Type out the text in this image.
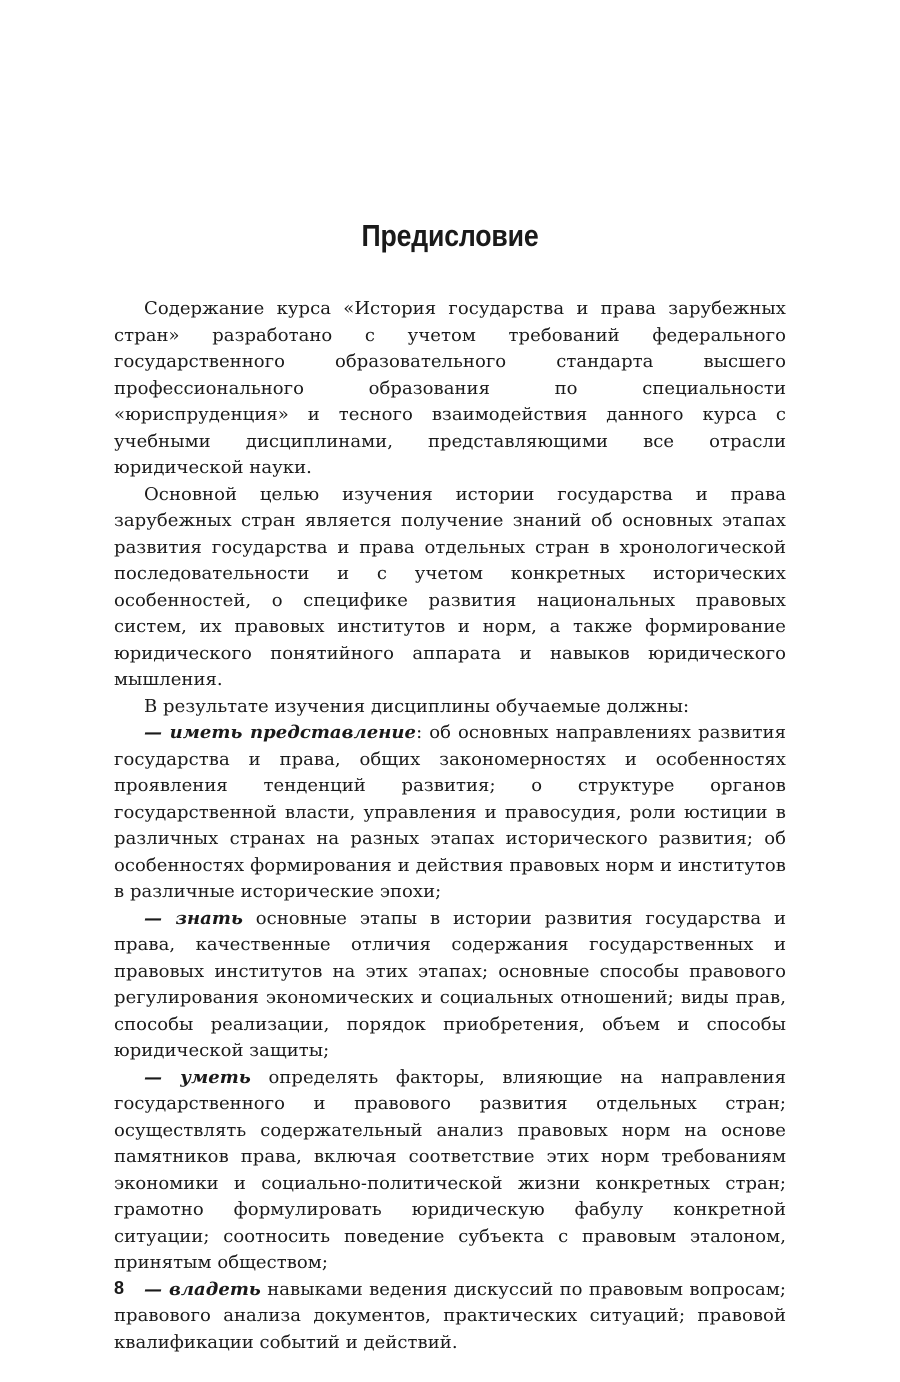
Предисловие

Содержание курса «История государства и права зарубежных стран» разработано с учетом требований федерального государственного образовательного стандарта высшего профессионального образования по специальности «юриспруденция» и тесного взаимодействия данного курса с учебными дисциплинами, представляющими все отрасли юридической науки.

Основной целью изучения истории государства и права зарубежных стран является получение знаний об основных этапах развития государства и права отдельных стран в хронологической последовательности и с учетом конкретных исторических особенностей, о специфике развития национальных правовых систем, их правовых институтов и норм, а также формирование юридического понятийного аппарата и навыков юридического мышления.

В результате изучения дисциплины обучаемые должны:

— иметь представление: об основных направлениях развития государства и права, общих закономерностях и особенностях проявления тенденций развития; о структуре органов государственной власти, управления и правосудия, роли юстиции в различных странах на разных этапах исторического развития; об особенностях формирования и действия правовых норм и институтов в различные исторические эпохи;

— знать основные этапы в истории развития государства и права, качественные отличия содержания государственных и правовых институтов на этих этапах; основные способы правового регулирования экономических и социальных отношений; виды прав, способы реализации, порядок приобретения, объем и способы юридической защиты;

— уметь определять факторы, влияющие на направления государственного и правового развития отдельных стран; осуществлять содержательный анализ правовых норм на основе памятников права, включая соответствие этих норм требованиям экономики и социально-политической жизни конкретных стран; грамотно формулировать юридическую фабулу конкретной ситуации; соотносить поведение субъекта с правовым эталоном, принятым обществом;

— владеть навыками ведения дискуссий по правовым вопросам; правового анализа документов, практических ситуаций; правовой квалификации событий и действий.

8
